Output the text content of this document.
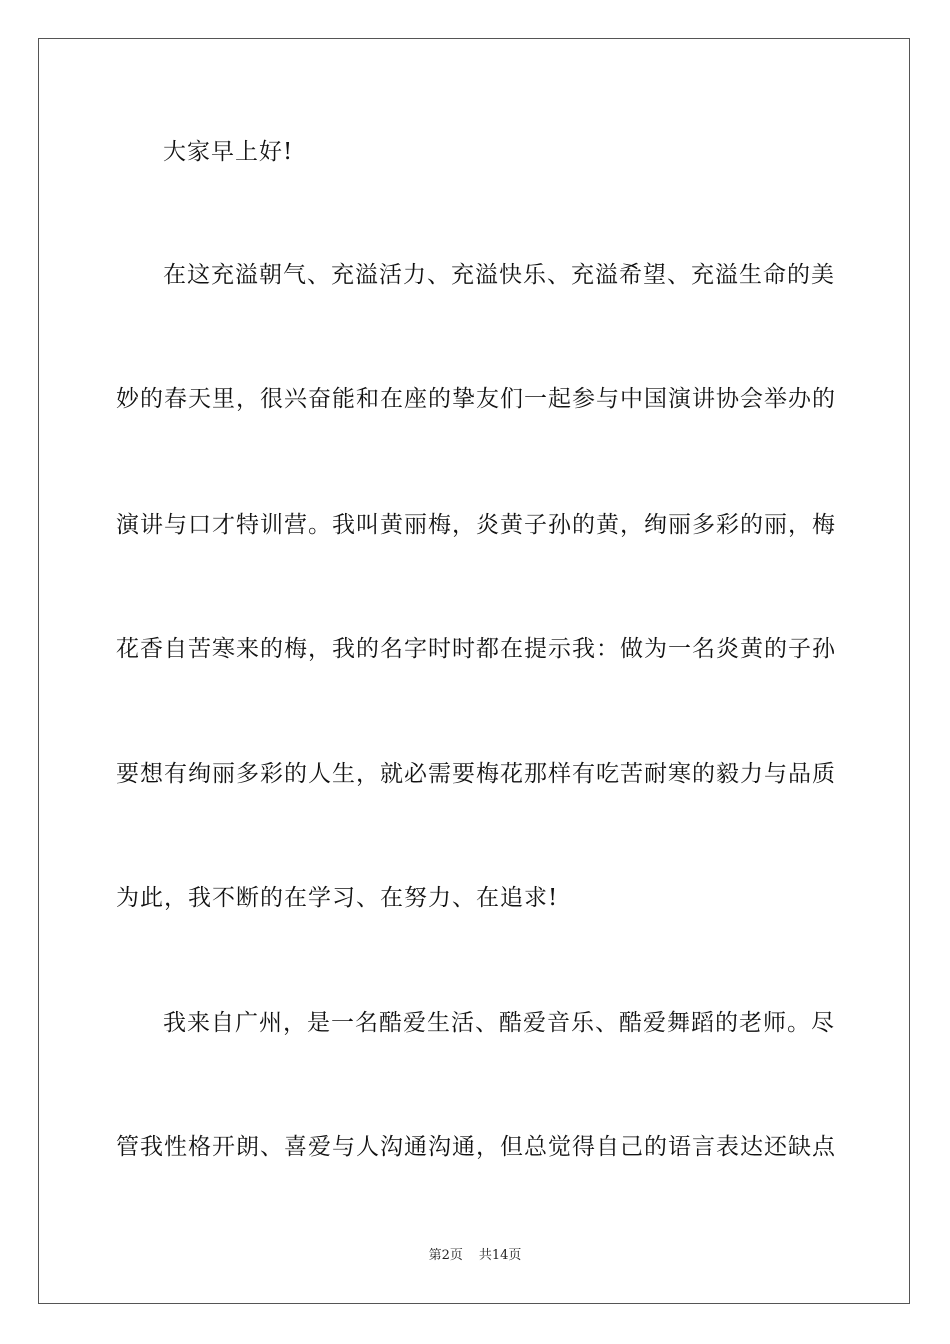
大家早上好!
在这充溢朝气、充溢活力、充溢快乐、充溢希望、充溢生命的美
妙的春天里，很兴奋能和在座的挚友们一起参与中国演讲协会举办的
演讲与口才特训营。我叫黄丽梅，炎黄子孙的黄，绚丽多彩的丽，梅
花香自苦寒来的梅，我的名字时时都在提示我：做为一名炎黄的子孙
要想有绚丽多彩的人生，就必需要梅花那样有吃苦耐寒的毅力与品质
为此，我不断的在学习、在努力、在追求!
我来自广州，是一名酷爱生活、酷爱音乐、酷爱舞蹈的老师。尽
管我性格开朗、喜爱与人沟通沟通，但总觉得自己的语言表达还缺点
第2页 共14页
